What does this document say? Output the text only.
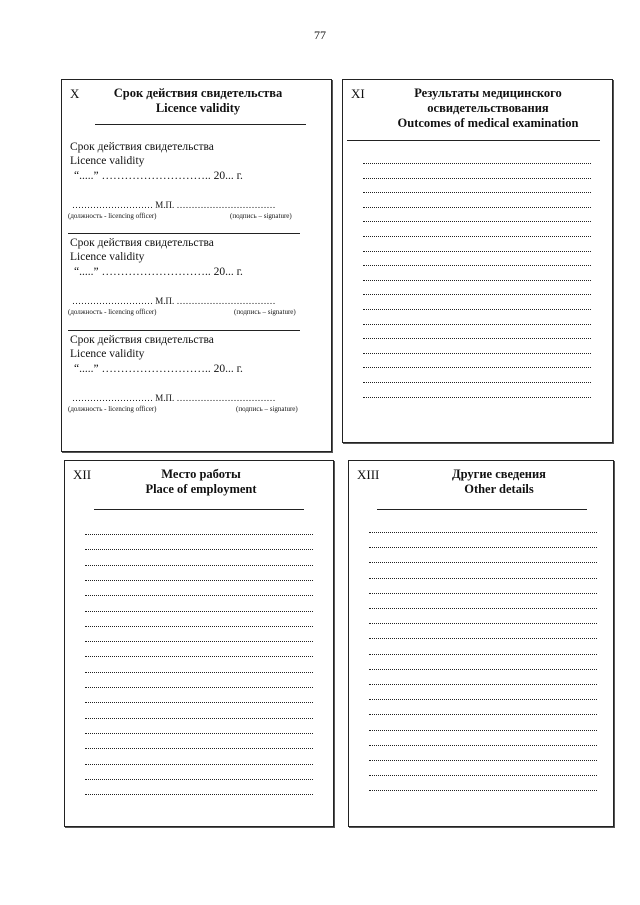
77
X	Срок действия свидетельства
Licence validity
Срок действия свидетельства
Licence validity
“.....” ……………………….. 20... г.
……………………… М.П. ……………………………
(должность - licencing officer)	(подпись – signature)
Срок действия свидетельства
Licence validity
“.....” ……………………….. 20... г.
……………………… М.П. ……………………………
(должность - licencing officer)	(подпись – signature)
Срок действия свидетельства
Licence validity
“.....” ……………………….. 20... г.
……………………… М.П. ……………………………
(должность - licencing officer)	(подпись – signature)
XI	Результаты медицинского
освидетельствования
Outcomes of medical examination
XII	Место работы
Place of employment
XIII	Другие сведения
Other details
